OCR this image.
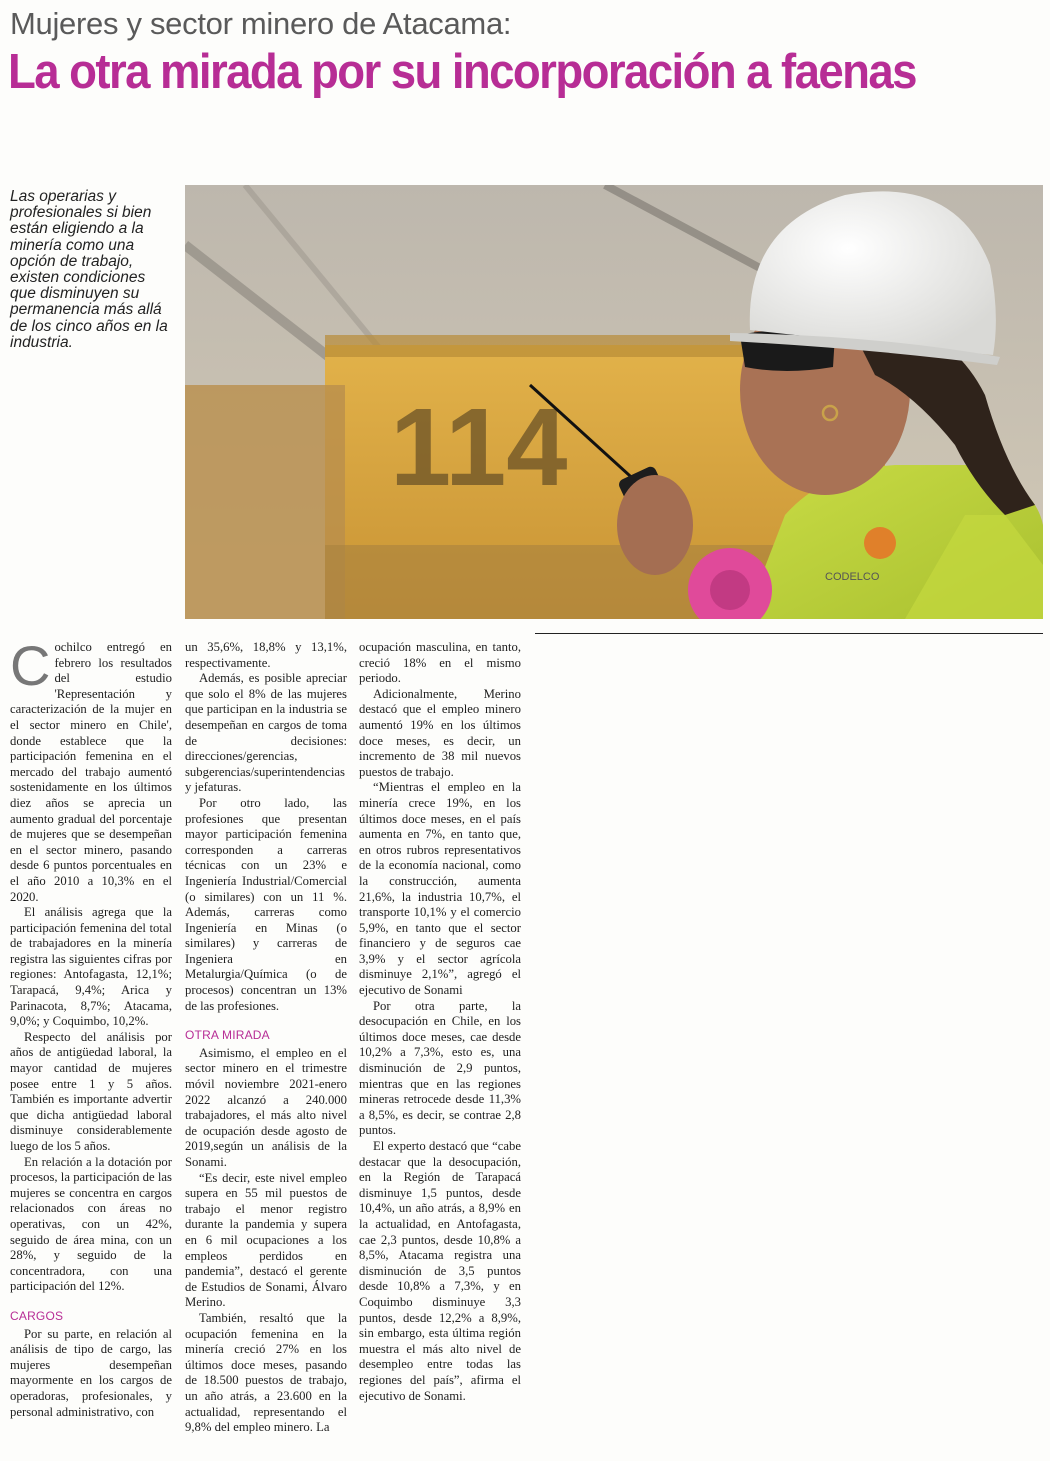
Mujeres y sector minero de Atacama:
La otra mirada por su incorporación a faenas
Las operarias y profesionales si bien están eligiendo a la minería como una opción de trabajo, existen condiciones que disminuyen su permanencia más allá de los cinco años en la industria.
114
CODELCO

Cochilco entregó en febrero los resultados del estudio 'Representación y caracterización de la mujer en el sector minero en Chile', donde establece que la participación femenina en el mercado del trabajo aumentó sostenidamente en los últimos diez años se aprecia un aumento gradual del porcentaje de mujeres que se desempeñan en el sector minero, pasando desde 6 puntos porcentuales en el año 2010 a 10,3% en el 2020.

El análisis agrega que la participación femenina del total de trabajadores en la minería registra las siguientes cifras por regiones: Antofagasta, 12,1%; Tarapacá, 9,4%; Arica y Parinacota, 8,7%; Atacama, 9,0%; y Coquimbo, 10,2%.

Respecto del análisis por años de antigüedad laboral, la mayor cantidad de mujeres posee entre 1 y 5 años. También es importante advertir que dicha antigüedad laboral disminuye considerablemente luego de los 5 años.

En relación a la dotación por procesos, la participación de las mujeres se concentra en cargos relacionados con áreas no operativas, con un 42%, seguido de área mina, con un 28%, y seguido de la concentradora, con una participación del 12%.

CARGOS

Por su parte, en relación al análisis de tipo de cargo, las mujeres desempeñan mayormente en los cargos de operadoras, profesionales, y personal administrativo, con

un 35,6%, 18,8% y 13,1%, respectivamente.

Además, es posible apreciar que solo el 8% de las mujeres que participan en la industria se desempeñan en cargos de toma de decisiones: direcciones/gerencias, subgerencias/superintendencias y jefaturas.

Por otro lado, las profesiones que presentan mayor participación femenina corresponden a carreras técnicas con un 23% e Ingeniería Industrial/Comercial (o similares) con un 11 %. Además, carreras como Ingeniería en Minas (o similares) y carreras de Ingeniera en Metalurgia/Química (o de procesos) concentran un 13% de las profesiones.

OTRA MIRADA

Asimismo, el empleo en el sector minero en el trimestre móvil noviembre 2021-enero 2022 alcanzó a 240.000 trabajadores, el más alto nivel de ocupación desde agosto de 2019,según un análisis de la Sonami.

“Es decir, este nivel empleo supera en 55 mil puestos de trabajo el menor registro durante la pandemia y supera en 6 mil ocupaciones a los empleos perdidos en pandemia”, destacó el gerente de Estudios de Sonami, Álvaro Merino.

También, resaltó que la ocupación femenina en la minería creció 27% en los últimos doce meses, pasando de 18.500 puestos de trabajo, un año atrás, a 23.600 en la actualidad, representando el 9,8% del empleo minero. La

ocupación masculina, en tanto, creció 18% en el mismo periodo.

Adicionalmente, Merino destacó que el empleo minero aumentó 19% en los últimos doce meses, es decir, un incremento de 38 mil nuevos puestos de trabajo.

“Mientras el empleo en la minería crece 19%, en los últimos doce meses, en el país aumenta en 7%, en tanto que, en otros rubros representativos de la economía nacional, como la construcción, aumenta 21,6%, la industria 10,7%, el transporte 10,1% y el comercio 5,9%, en tanto que el sector financiero y de seguros cae 3,9% y el sector agrícola disminuye 2,1%”, agregó el ejecutivo de Sonami

Por otra parte, la desocupación en Chile, en los últimos doce meses, cae desde 10,2% a 7,3%, esto es, una disminución de 2,9 puntos, mientras que en las regiones mineras retrocede desde 11,3% a 8,5%, es decir, se contrae 2,8 puntos.

El experto destacó que “cabe destacar que la desocupación, en la Región de Tarapacá disminuye 1,5 puntos, desde 10,4%, un año atrás, a 8,9% en la actualidad, en Antofagasta, cae 2,3 puntos, desde 10,8% a 8,5%, Atacama registra una disminución de 3,5 puntos desde 10,8% a 7,3%, y en Coquimbo disminuye 3,3 puntos, desde 12,2% a 8,9%, sin embargo, esta última región muestra el más alto nivel de desempleo entre todas las regiones del país”, afirma el ejecutivo de Sonami.
